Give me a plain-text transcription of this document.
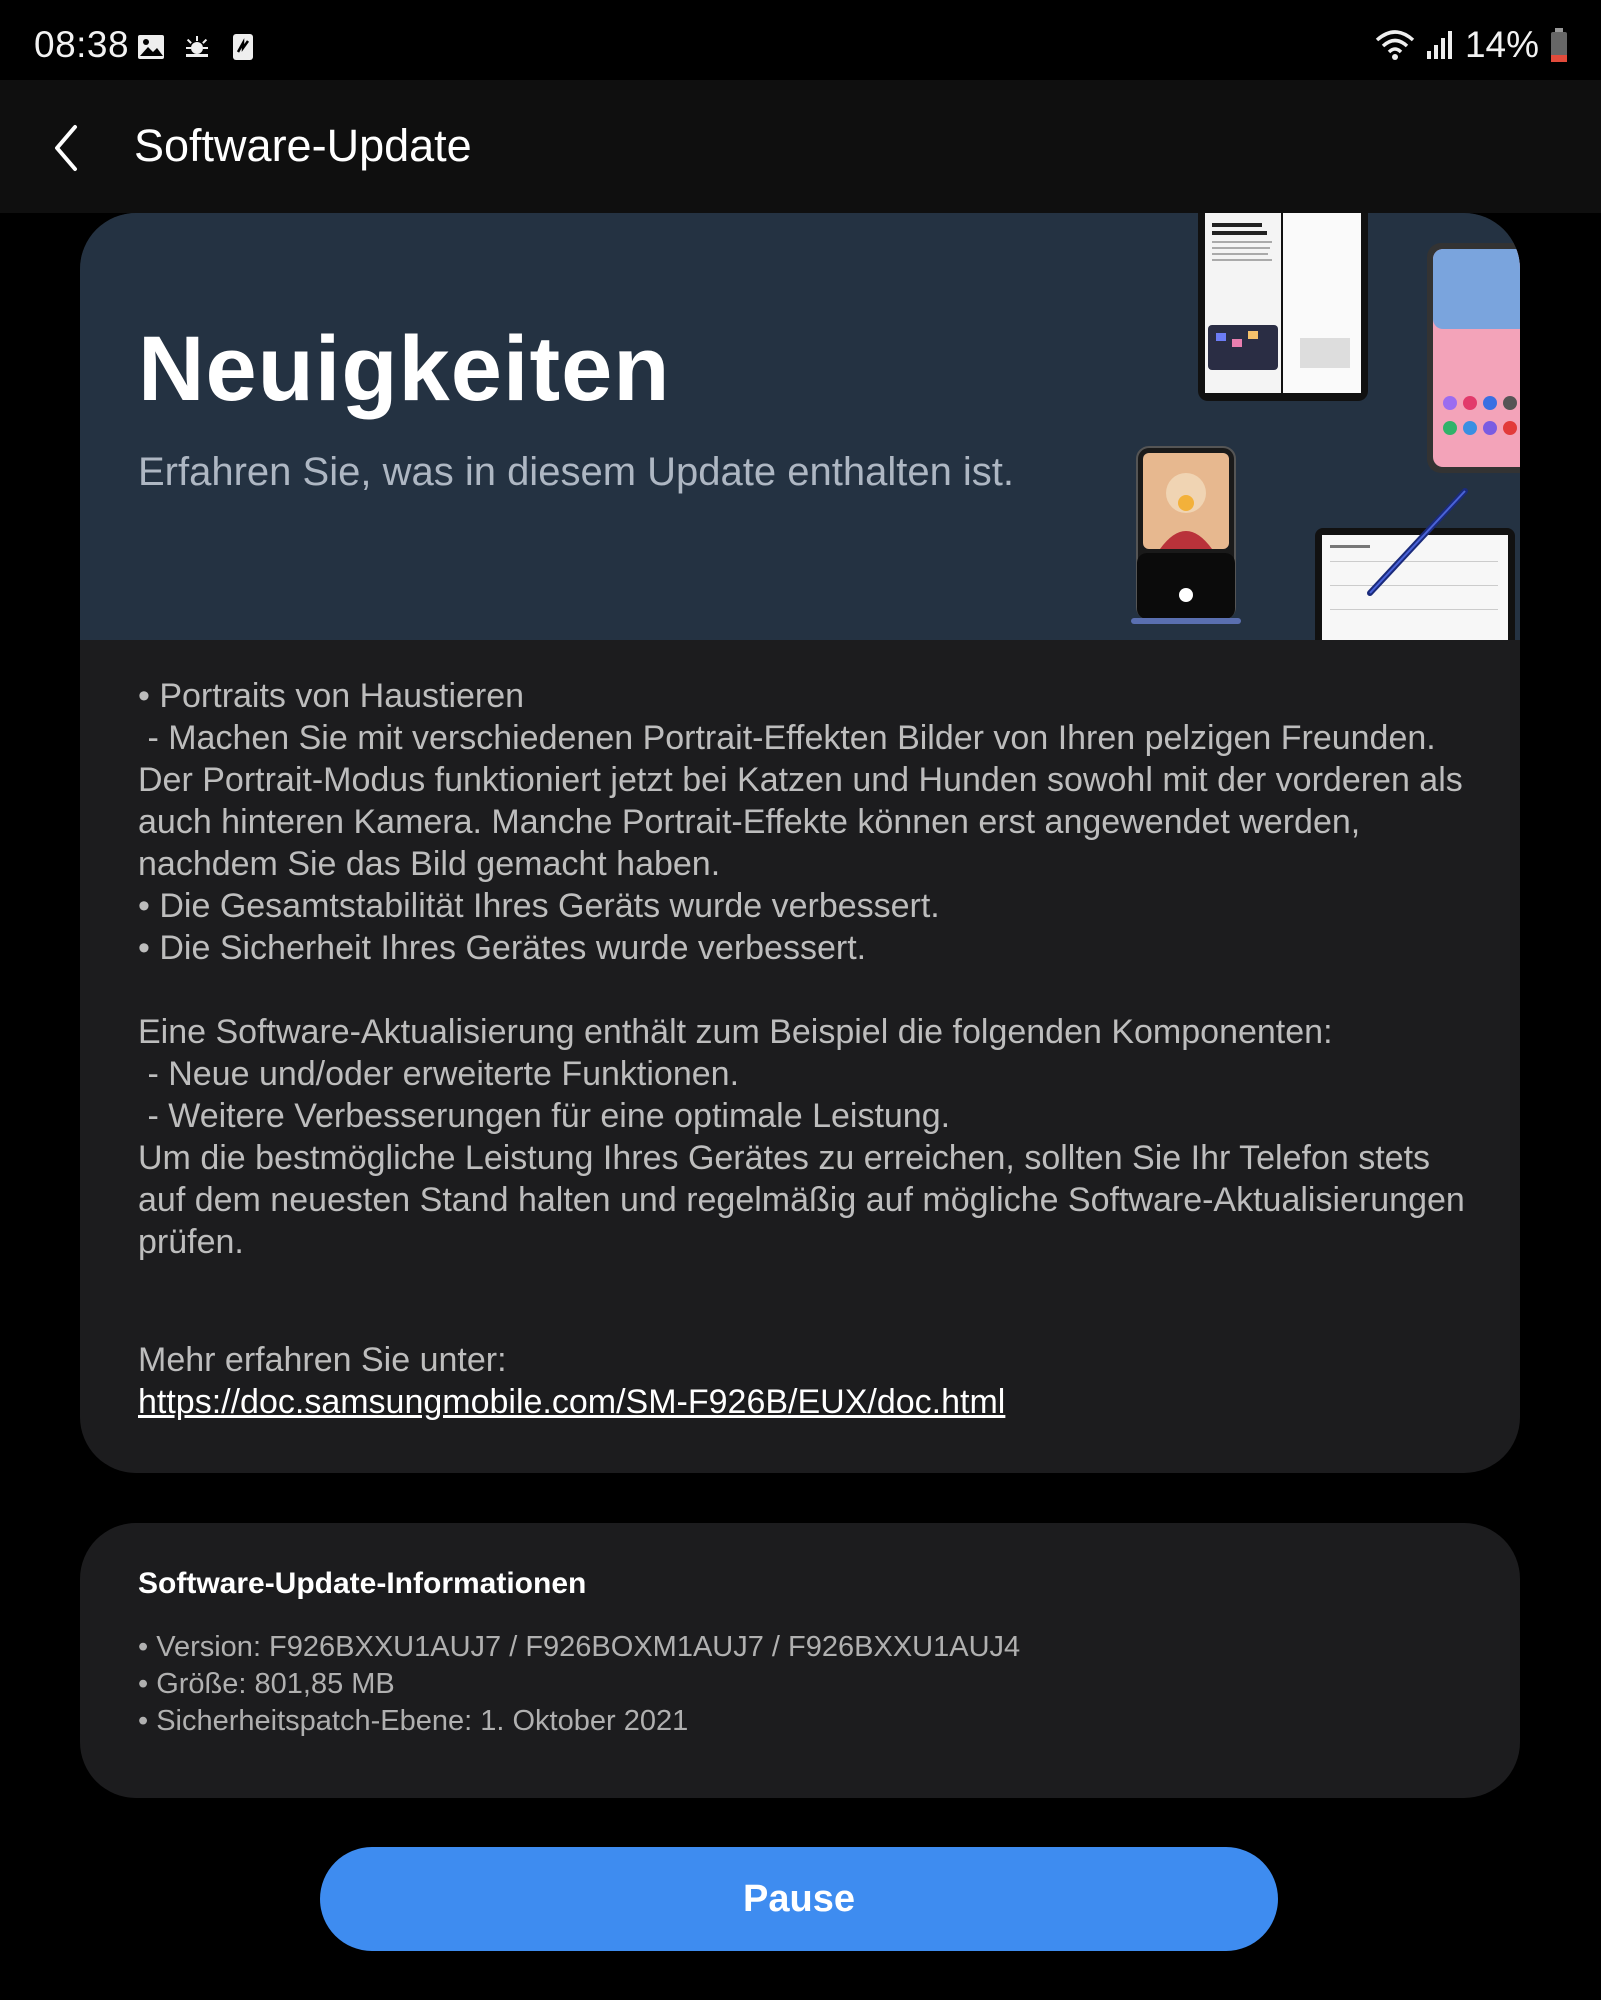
08:38	14%
Software-Update
Neuigkeiten
Erfahren Sie, was in diesem Update enthalten ist.
• Portraits von Haustieren
- Machen Sie mit verschiedenen Portrait-Effekten Bilder von Ihren pelzigen Freunden. Der Portrait-Modus funktioniert jetzt bei Katzen und Hunden sowohl mit der vorderen als auch hinteren Kamera. Manche Portrait-Effekte können erst angewendet werden, nachdem Sie das Bild gemacht haben.
• Die Gesamtstabilität Ihres Geräts wurde verbessert.
• Die Sicherheit Ihres Gerätes wurde verbessert.

Eine Software-Aktualisierung enthält zum Beispiel die folgenden Komponenten:
- Neue und/oder erweiterte Funktionen.
- Weitere Verbesserungen für eine optimale Leistung.
Um die bestmögliche Leistung Ihres Gerätes zu erreichen, sollten Sie Ihr Telefon stets auf dem neuesten Stand halten und regelmäßig auf mögliche Software-Aktualisierungen prüfen.
Mehr erfahren Sie unter:
https://doc.samsungmobile.com/SM-F926B/EUX/doc.html
Software-Update-Informationen
• Version: F926BXXU1AUJ7 / F926BOXM1AUJ7 / F926BXXU1AUJ4
• Größe: 801,85 MB
• Sicherheitspatch-Ebene: 1. Oktober 2021
Pause
